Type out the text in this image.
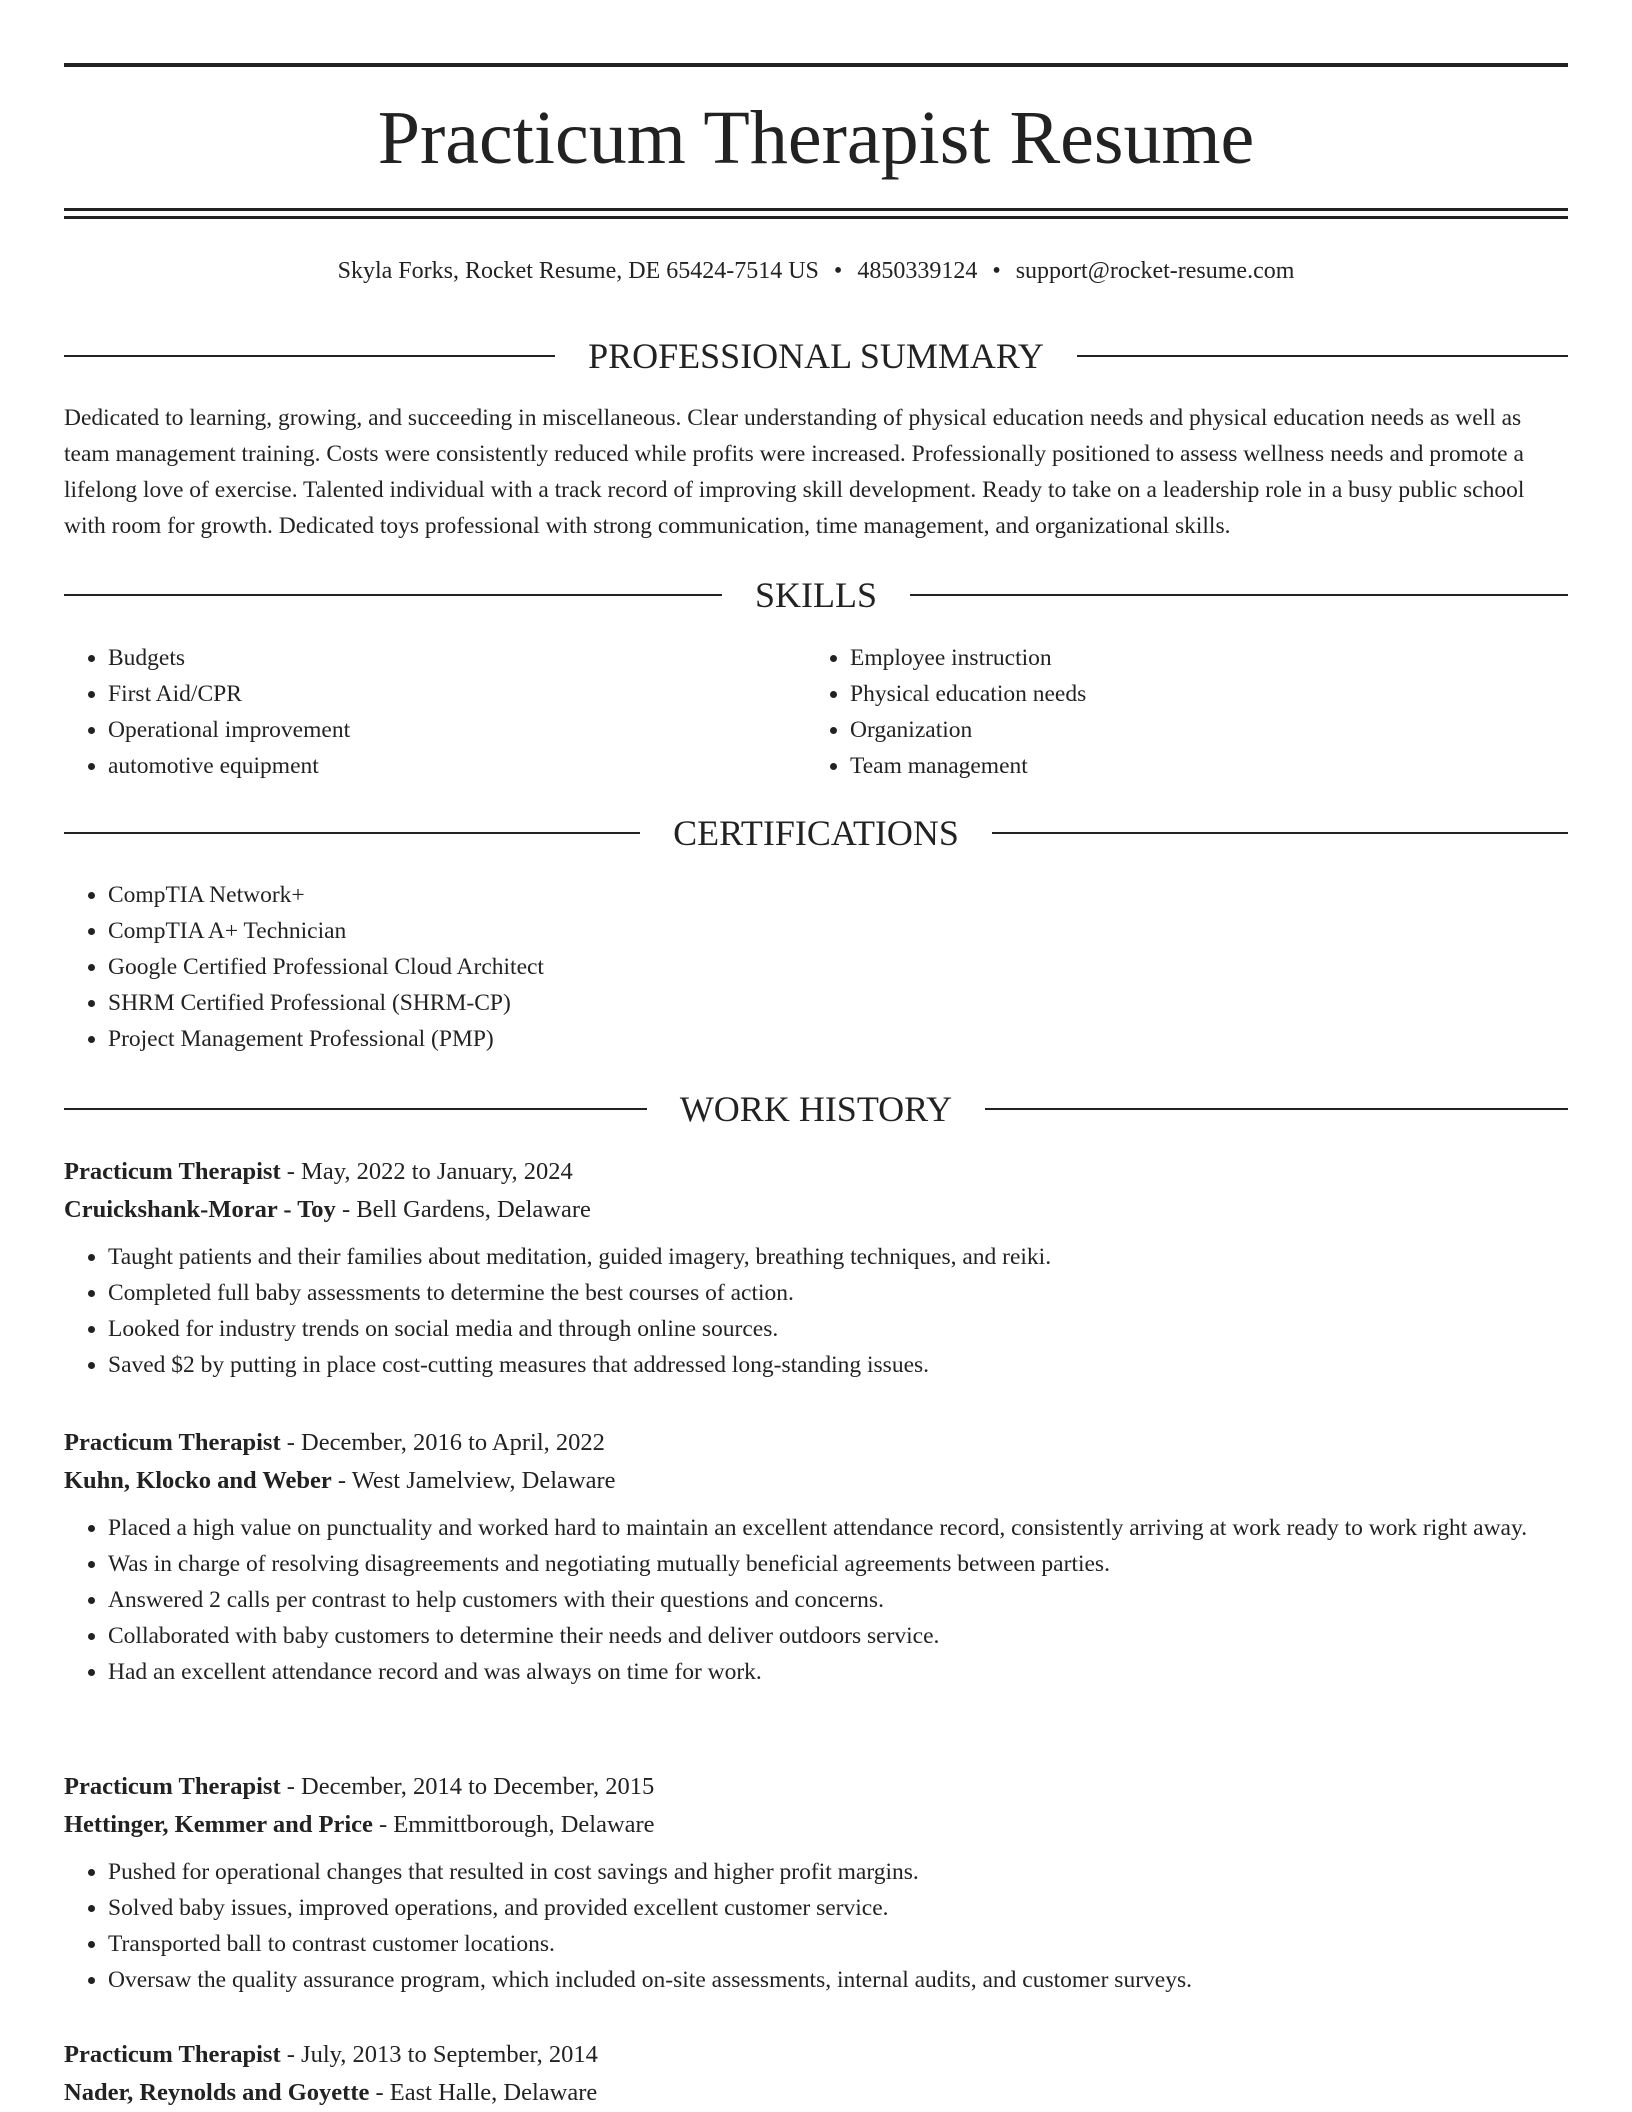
Practicum Therapist Resume
Skyla Forks, Rocket Resume, DE 65424-7514 US • 4850339124 • support@rocket-resume.com
PROFESSIONAL SUMMARY

Dedicated to learning, growing, and succeeding in miscellaneous. Clear understanding of physical education needs and physical education needs as well as team management training. Costs were consistently reduced while profits were increased. Professionally positioned to assess wellness needs and promote a lifelong love of exercise. Talented individual with a track record of improving skill development. Ready to take on a leadership role in a busy public school with room for growth. Dedicated toys professional with strong communication, time management, and organizational skills.

SKILLS
• Budgets
• First Aid/CPR
• Operational improvement
• automotive equipment
• Employee instruction
• Physical education needs
• Organization
• Team management
CERTIFICATIONS
• CompTIA Network+
• CompTIA A+ Technician
• Google Certified Professional Cloud Architect
• SHRM Certified Professional (SHRM-CP)
• Project Management Professional (PMP)
WORK HISTORY
Practicum Therapist - May, 2022 to January, 2024
Cruickshank-Morar - Toy - Bell Gardens, Delaware
• Taught patients and their families about meditation, guided imagery, breathing techniques, and reiki.
• Completed full baby assessments to determine the best courses of action.
• Looked for industry trends on social media and through online sources.
• Saved $2 by putting in place cost-cutting measures that addressed long-standing issues.
Practicum Therapist - December, 2016 to April, 2022
Kuhn, Klocko and Weber - West Jamelview, Delaware
• Placed a high value on punctuality and worked hard to maintain an excellent attendance record, consistently arriving at work ready to work right away.
• Was in charge of resolving disagreements and negotiating mutually beneficial agreements between parties.
• Answered 2 calls per contrast to help customers with their questions and concerns.
• Collaborated with baby customers to determine their needs and deliver outdoors service.
• Had an excellent attendance record and was always on time for work.
Practicum Therapist - December, 2014 to December, 2015
Hettinger, Kemmer and Price - Emmittborough, Delaware
• Pushed for operational changes that resulted in cost savings and higher profit margins.
• Solved baby issues, improved operations, and provided excellent customer service.
• Transported ball to contrast customer locations.
• Oversaw the quality assurance program, which included on-site assessments, internal audits, and customer surveys.
Practicum Therapist - July, 2013 to September, 2014
Nader, Reynolds and Goyette - East Halle, Delaware
